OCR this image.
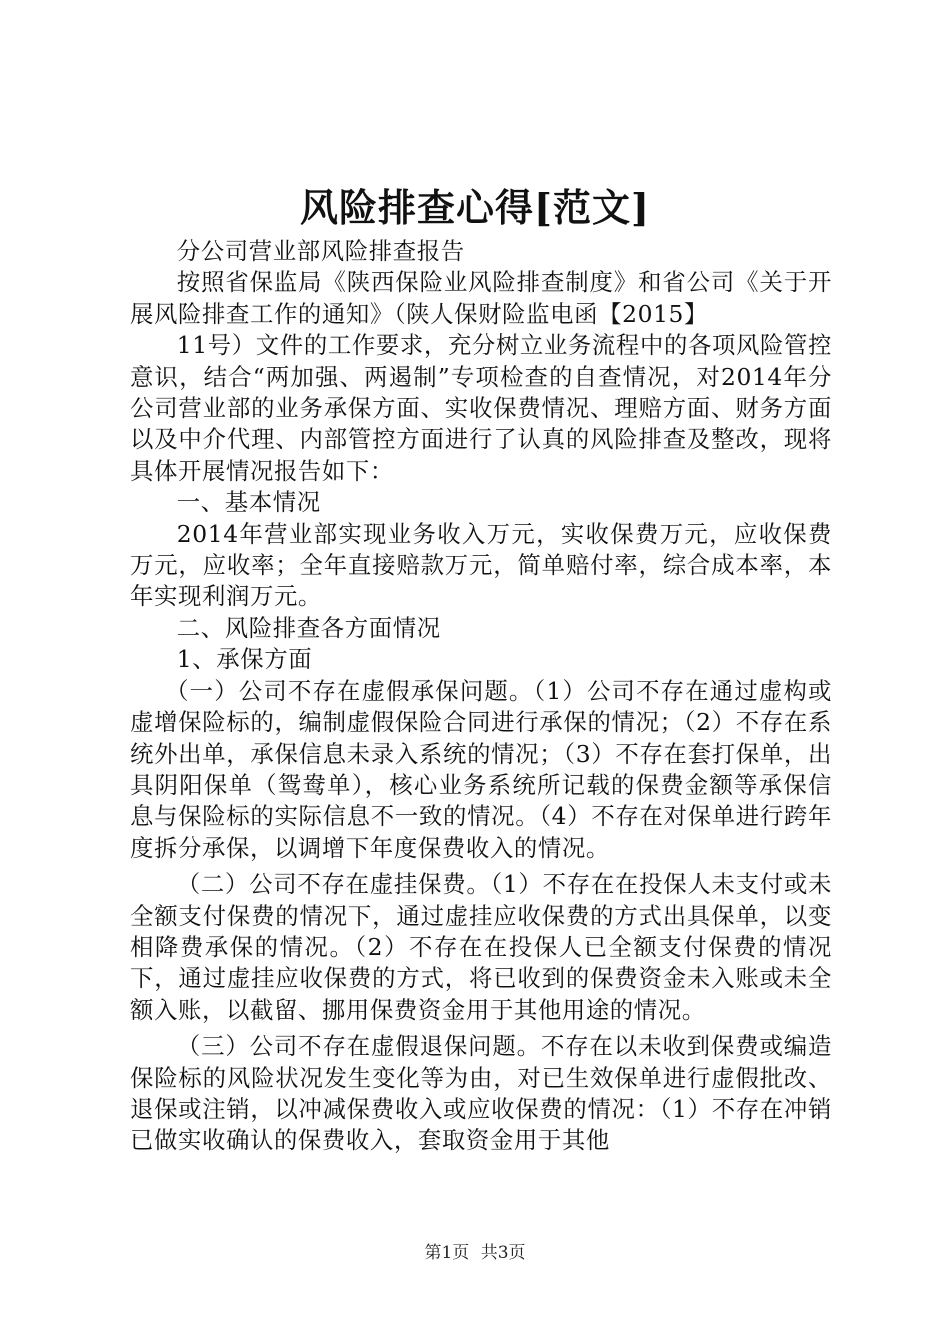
风险排查心得[范文]

分公司营业部风险排查报告

按照省保监局《陕西保险业风险排查制度》和省公司《关于开展风险排查工作的通知》（陕人保财险监电函【2015】

11号）文件的工作要求，充分树立业务流程中的各项风险管控意识，结合“两加强、两遏制”专项检查的自查情况，对2014年分公司营业部的业务承保方面、实收保费情况、理赔方面、财务方面以及中介代理、内部管控方面进行了认真的风险排查及整改，现将具体开展情况报告如下：

一、基本情况

2014年营业部实现业务收入万元，实收保费万元，应收保费万元，应收率；全年直接赔款万元，简单赔付率，综合成本率，本年实现利润万元。

二、风险排查各方面情况

1、承保方面

（一）公司不存在虚假承保问题。（1）公司不存在通过虚构或虚增保险标的，编制虚假保险合同进行承保的情况；（2）不存在系统外出单，承保信息未录入系统的情况；（3）不存在套打保单，出具阴阳保单（鸳鸯单），核心业务系统所记载的保费金额等承保信息与保险标的实际信息不一致的情况。（4）不存在对保单进行跨年度拆分承保，以调增下年度保费收入的情况。

（二）公司不存在虚挂保费。（1）不存在在投保人未支付或未全额支付保费的情况下，通过虚挂应收保费的方式出具保单，以变相降费承保的情况。（2）不存在在投保人已全额支付保费的情况下，通过虚挂应收保费的方式，将已收到的保费资金未入账或未全额入账，以截留、挪用保费资金用于其他用途的情况。

（三）公司不存在虚假退保问题。不存在以未收到保费或编造保险标的风险状况发生变化等为由，对已生效保单进行虚假批改、退保或注销，以冲减保费收入或应收保费的情况：（1）不存在冲销已做实收确认的保费收入，套取资金用于其他

第1页 共3页
